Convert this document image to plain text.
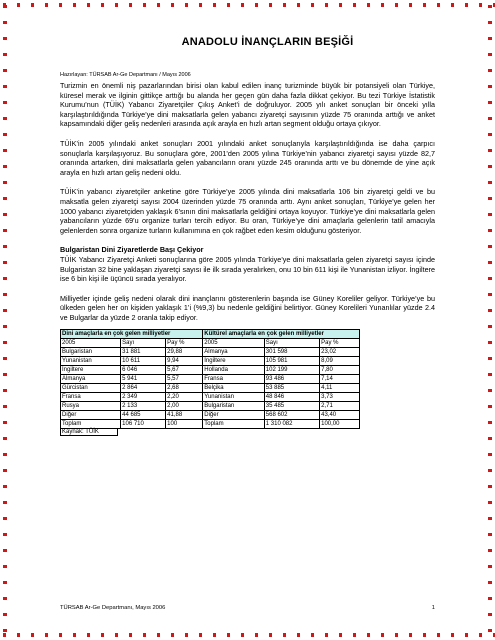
ANADOLU İNANÇLARIN BEŞİĞİ
Hazırlayan: TÜRSAB Ar-Ge Departmanı / Mayıs 2006

Turizmin en önemli niş pazarlarından birisi olan kabul edilen inanç turizminde büyük bir potansiyeli olan Türkiye, küresel merak ve ilginin gittikçe arttığı bu alanda her geçen gün daha fazla dikkat çekiyor. Bu tezi Türkiye İstatistik Kurumu’nun (TÜİK) Yabancı Ziyaretçiler Çıkış Anket’i de doğruluyor. 2005 yılı anket sonuçları bir önceki yılla karşılaştırıldığında Türkiye’ye dini maksatlarla gelen yabancı ziyaretçi sayısının yüzde 75 oranında arttığı ve anket kapsamındaki diğer geliş nedenleri arasında açık arayla en hızlı artan segment olduğu ortaya çıkıyor.

TÜİK’in 2005 yılındaki anket sonuçları 2001 yılındaki anket sonuçlarıyla karşılaştırıldığında ise daha çarpıcı sonuçlarla karşılaşıyoruz. Bu sonuçlara göre, 2001’den 2005 yılına Türkiye’nin yabancı ziyaretçi sayısı yüzde 82,7 oranında artarken, dini maksatlarla gelen yabancıların oranı yüzde 245 oranında arttı ve bu dönemde de yine açık arayla en hızlı artan geliş nedeni oldu.

TÜİK’in yabancı ziyaretçiler anketine göre Türkiye’ye 2005 yılında dini maksatlarla 106 bin ziyaretçi geldi ve bu maksatla gelen ziyaretçi sayısı 2004 üzerinden yüzde 75 oranında arttı. Aynı anket sonuçları, Türkiye’ye gelen her 1000 yabancı ziyaretçiden yaklaşık 6’sının dini maksatlarla geldiğini ortaya koyuyor. Türkiye’ye dini maksatlarla gelen yabancıların yüzde 69’u organize turları tercih ediyor. Bu oran, Türkiye’ye dini amaçlarla gelenlerin tatil amacıyla gelenlerden sonra organize turların kullanımına en çok rağbet eden kesim olduğunu gösteriyor.

Bulgaristan Dini Ziyaretlerde Başı Çekiyor

TÜİK Yabancı Ziyaretçi Anketi sonuçlarına göre 2005 yılında Türkiye’ye dini maksatlarla gelen ziyaretçi sayısı içinde Bulgaristan 32 bine yaklaşan ziyaretçi sayısı ile ilk sırada yeralırken, onu 10 bin 611 kişi ile Yunanistan izliyor. İngiltere ise 6 bin kişi ile üçüncü sırada yeralıyor.

Milliyetler içinde geliş nedeni olarak dini inançlarını gösterenlerin başında ise Güney Koreliler geliyor. Türkiye’ye bu ülkeden gelen her on kişiden yaklaşık 1’i (%9,3) bu nedenle geldiğini belirtiyor. Güney Korelileri Yunanlılar yüzde 2.4 ve Bulgarlar da yüzde 2 oranla takip ediyor.

Dini amaçlarla en çok gelen milliyetler			Kültürel amaçlarla en çok gelen milliyetler		
2005	Sayı	Pay %	2005	Sayı	Pay %
Bulgaristan	31 881	29,88	Almanya	301 598	23,02
Yunanistan	10 611	9,94	İngiltere	105 981	8,09
İngiltere	6 046	5,67	Hollanda	102 199	7,80
Almanya	5 941	5,57	Fransa	93 486	7,14
Gürcistan	2 864	2,68	Belçika	53 885	4,11
Fransa	2 349	2,20	Yunanistan	48 846	3,73
Rusya	2 133	2,00	Bulgaristan	35 485	2,71
Diğer	44 685	41,88	Diğer	568 602	43,40
Toplam	106 710	100	Toplam	1 310 082	100,00
Kaynak: TÜİK
TÜRSAB Ar-Ge Departmanı, Mayıs 2006	1
